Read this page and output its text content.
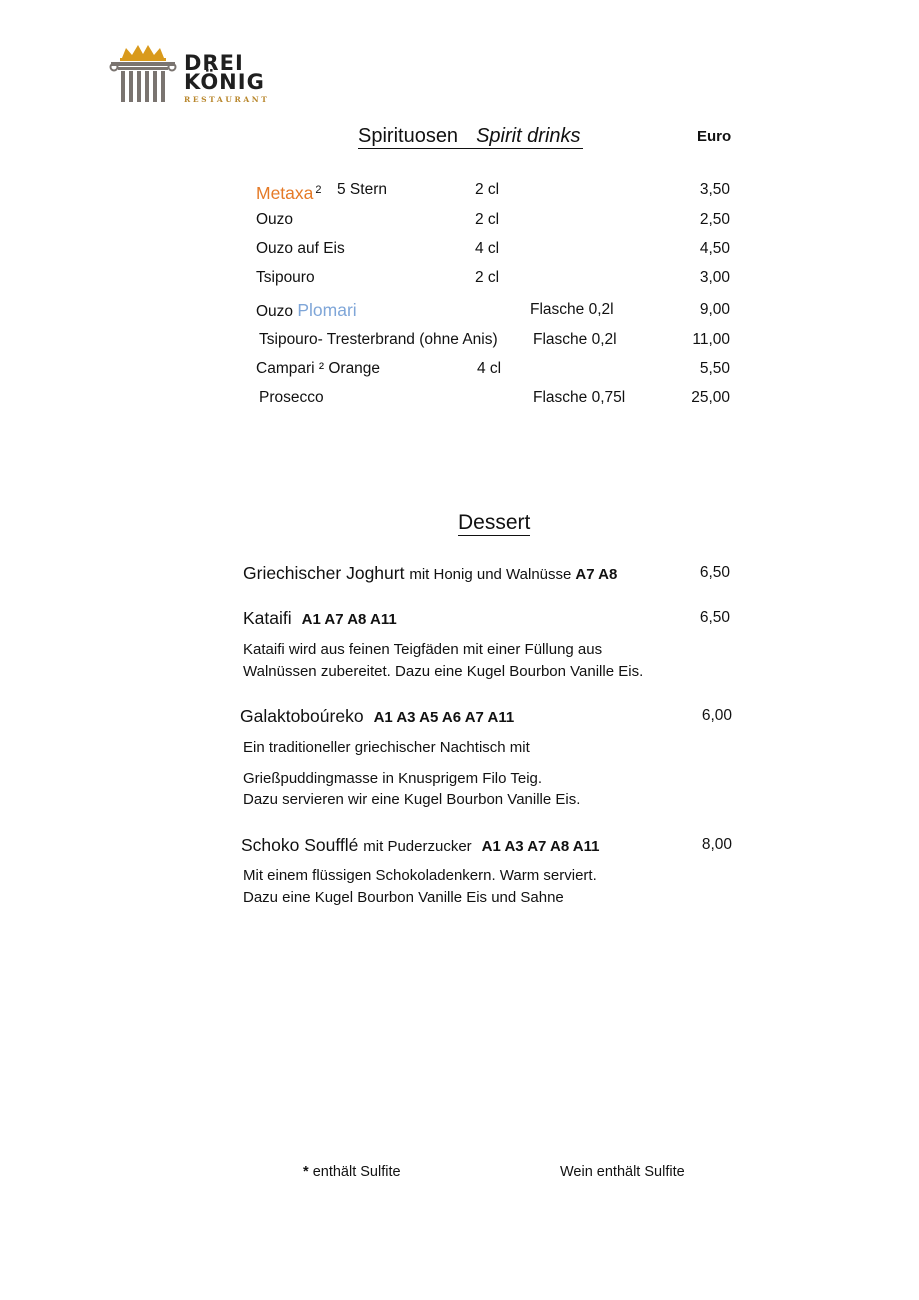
DREI
KÖNIG
RESTAURANT
Spirituosen Spirit drinks	Euro
Metaxa $^2$ 5 Stern	2 cl	3,50
Ouzo	2 cl	2,50
Ouzo auf Eis	4 cl	4,50
Tsipouro	2 cl	3,00
Ouzo Plomari	Flasche 0,2l	9,00
Tsipouro- Tresterbrand (ohne Anis) Flasche 0,2l	11,00
Campari ² Orange	4 cl	5,50
Prosecco	Flasche 0,75l	25,00
Dessert
Griechischer Joghurt mit Honig und Walnüsse A7 A8	6,50
Kataifi A1 A7 A8 A11	6,50
Kataifi wird aus feinen Teigfäden mit einer Füllung aus
Walnüssen zubereitet. Dazu eine Kugel Bourbon Vanille Eis.
Galaktoboúreko A1 A3 A5 A6 A7 A11	6,00
Ein traditioneller griechischer Nachtisch mit
Grießpuddingmasse in Knusprigem Filo Teig.
Dazu servieren wir eine Kugel Bourbon Vanille Eis.
Schoko Soufflé mit Puderzucker A1 A3 A7 A8 A11	8,00
Mit einem flüssigen Schokoladenkern. Warm serviert.
Dazu eine Kugel Bourbon Vanille Eis und Sahne
* enthält Sulfite	Wein enthält Sulfite
